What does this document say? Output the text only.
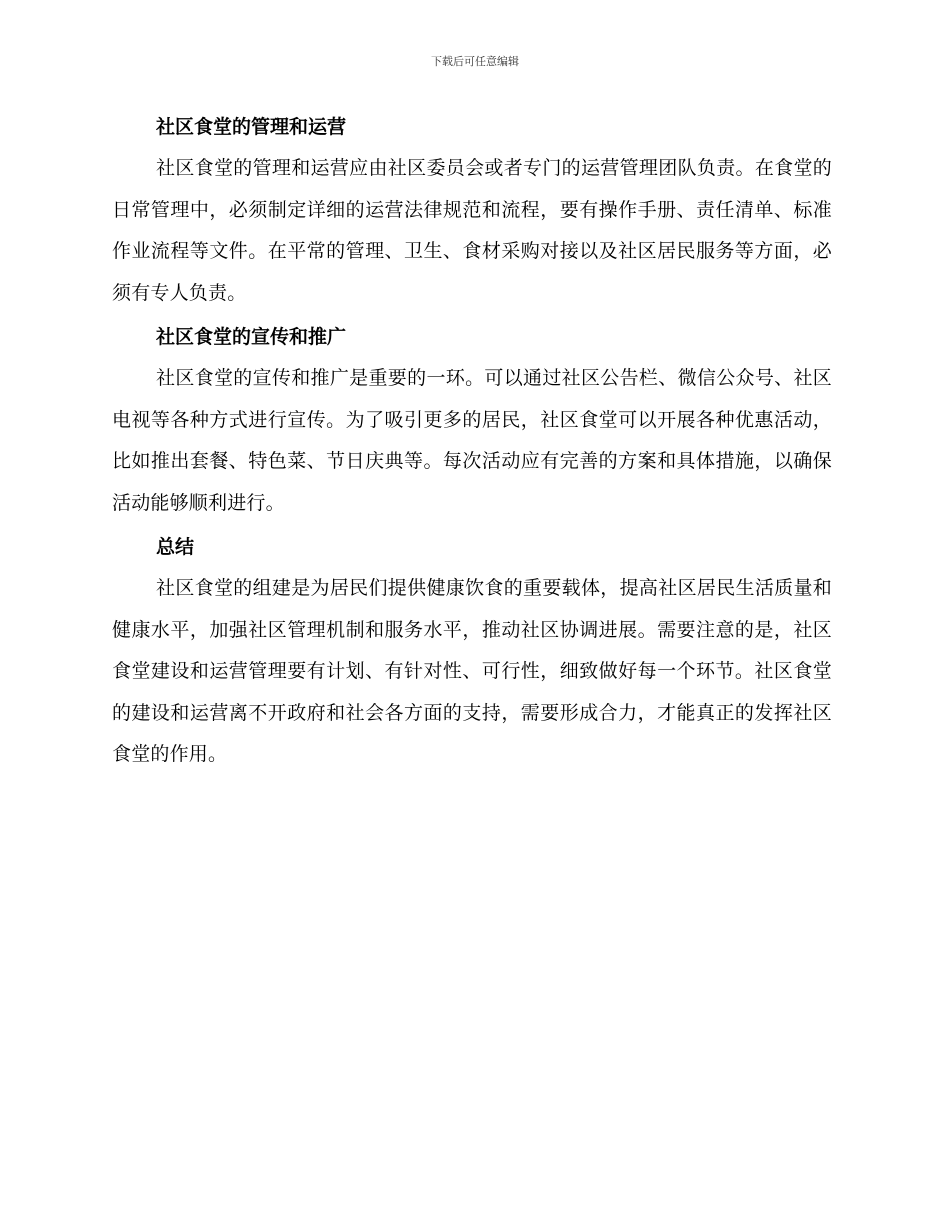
下载后可任意编辑
社区食堂的管理和运营

社区食堂的管理和运营应由社区委员会或者专门的运营管理团队负责。在食堂的日常管理中，必须制定详细的运营法律规范和流程，要有操作手册、责任清单、标准作业流程等文件。在平常的管理、卫生、食材采购对接以及社区居民服务等方面，必须有专人负责。

社区食堂的宣传和推广

社区食堂的宣传和推广是重要的一环。可以通过社区公告栏、微信公众号、社区电视等各种方式进行宣传。为了吸引更多的居民，社区食堂可以开展各种优惠活动，比如推出套餐、特色菜、节日庆典等。每次活动应有完善的方案和具体措施，以确保活动能够顺利进行。

总结

社区食堂的组建是为居民们提供健康饮食的重要载体，提高社区居民生活质量和健康水平，加强社区管理机制和服务水平，推动社区协调进展。需要注意的是，社区食堂建设和运营管理要有计划、有针对性、可行性，细致做好每一个环节。社区食堂的建设和运营离不开政府和社会各方面的支持，需要形成合力，才能真正的发挥社区食堂的作用。
